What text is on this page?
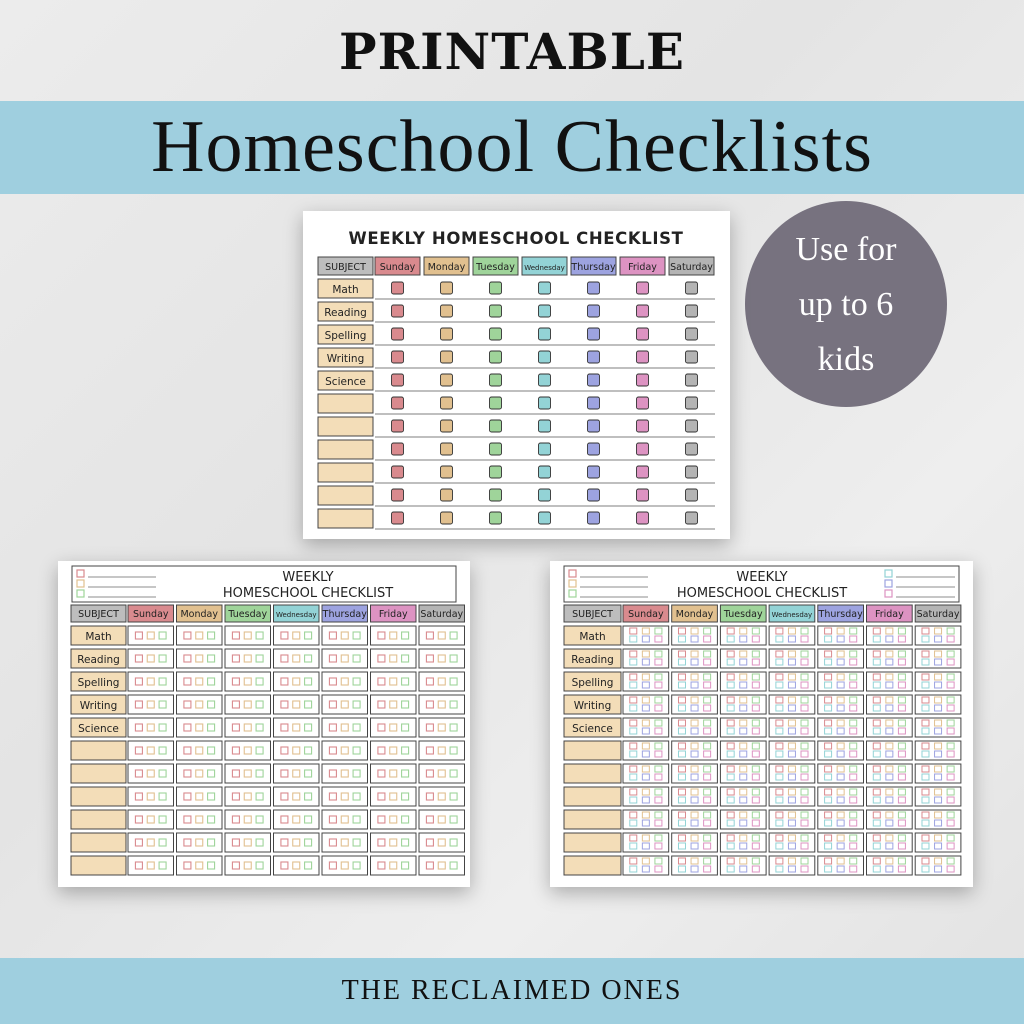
PRINTABLE
Homeschool Checklists
Use for
up to 6
kids
WEEKLY HOMESCHOOL CHECKLIST
SUBJECT Sunday Monday Tuesday Wednesday Thursday Friday Saturday
Math
Reading
Spelling
Writing
Science
WEEKLY
HOMESCHOOL CHECKLIST
SUBJECT Sunday Monday Tuesday Wednesday Thursday Friday Saturday
Math
Reading
Spelling
Writing
Science
WEEKLY
HOMESCHOOL CHECKLIST
SUBJECT Sunday Monday Tuesday Wednesday Thursday Friday Saturday
Math
Reading
Spelling
Writing
Science
THE RECLAIMED ONES
